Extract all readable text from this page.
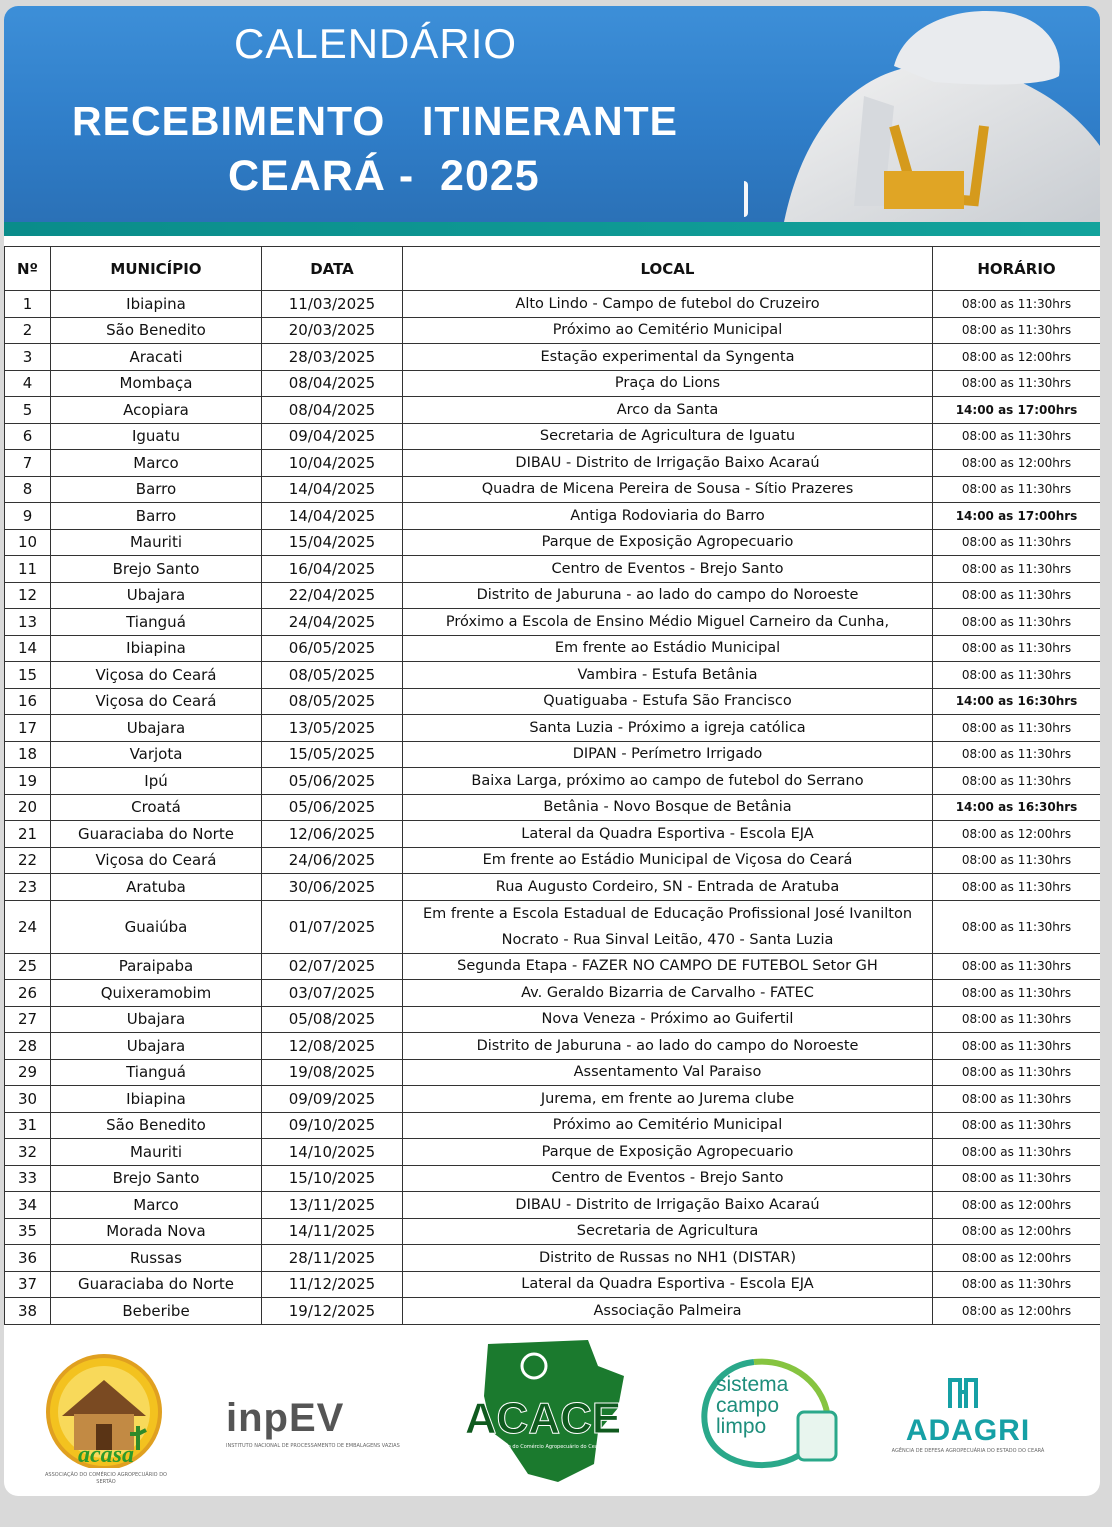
CALENDÁRIO
RECEBIMENTO  ITINERANTE
CEARÁ -  2025
Nº	MUNICÍPIO	DATA	LOCAL	HORÁRIO
1	Ibiapina	11/03/2025	Alto Lindo - Campo de futebol do Cruzeiro	08:00 as 11:30hrs
2	São Benedito	20/03/2025	Próximo ao Cemitério Municipal	08:00 as 11:30hrs
3	Aracati	28/03/2025	Estação experimental da Syngenta	08:00 as 12:00hrs
4	Mombaça	08/04/2025	Praça do Lions	08:00 as 11:30hrs
5	Acopiara	08/04/2025	Arco da Santa	14:00 as 17:00hrs
6	Iguatu	09/04/2025	Secretaria de Agricultura de Iguatu	08:00 as 11:30hrs
7	Marco	10/04/2025	DIBAU - Distrito de Irrigação Baixo Acaraú	08:00 as 12:00hrs
8	Barro	14/04/2025	Quadra de Micena Pereira de Sousa - Sítio Prazeres	08:00 as 11:30hrs
9	Barro	14/04/2025	Antiga Rodoviaria do Barro	14:00 as 17:00hrs
10	Mauriti	15/04/2025	Parque de Exposição Agropecuario	08:00 as 11:30hrs
11	Brejo Santo	16/04/2025	Centro de Eventos - Brejo Santo	08:00 as 11:30hrs
12	Ubajara	22/04/2025	Distrito de Jaburuna - ao lado do campo do Noroeste	08:00 as 11:30hrs
13	Tianguá	24/04/2025	Próximo a Escola de Ensino Médio Miguel Carneiro da Cunha,	08:00 as 11:30hrs
14	Ibiapina	06/05/2025	Em frente ao Estádio Municipal	08:00 as 11:30hrs
15	Viçosa do Ceará	08/05/2025	Vambira - Estufa Betânia	08:00 as 11:30hrs
16	Viçosa do Ceará	08/05/2025	Quatiguaba - Estufa São Francisco	14:00 as 16:30hrs
17	Ubajara	13/05/2025	Santa Luzia - Próximo a igreja católica	08:00 as 11:30hrs
18	Varjota	15/05/2025	DIPAN - Perímetro Irrigado	08:00 as 11:30hrs
19	Ipú	05/06/2025	Baixa Larga, próximo ao campo de futebol do Serrano	08:00 as 11:30hrs
20	Croatá	05/06/2025	Betânia - Novo Bosque de Betânia	14:00 as 16:30hrs
21	Guaraciaba do Norte	12/06/2025	Lateral da Quadra Esportiva - Escola EJA	08:00 as 12:00hrs
22	Viçosa do Ceará	24/06/2025	Em frente ao Estádio Municipal de Viçosa do Ceará	08:00 as 11:30hrs
23	Aratuba	30/06/2025	Rua Augusto Cordeiro, SN - Entrada de Aratuba	08:00 as 11:30hrs
24	Guaiúba	01/07/2025	Em frente a Escola Estadual de Educação Profissional José Ivanilton Nocrato - Rua Sinval Leitão, 470 - Santa Luzia	08:00 as 11:30hrs
25	Paraipaba	02/07/2025	Segunda Etapa - FAZER NO CAMPO DE FUTEBOL Setor GH	08:00 as 11:30hrs
26	Quixeramobim	03/07/2025	Av. Geraldo Bizarria de Carvalho - FATEC	08:00 as 11:30hrs
27	Ubajara	05/08/2025	Nova Veneza - Próximo ao Guifertil	08:00 as 11:30hrs
28	Ubajara	12/08/2025	Distrito de Jaburuna - ao lado do campo do Noroeste	08:00 as 11:30hrs
29	Tianguá	19/08/2025	Assentamento Val Paraiso	08:00 as 11:30hrs
30	Ibiapina	09/09/2025	Jurema, em frente ao Jurema clube	08:00 as 11:30hrs
31	São Benedito	09/10/2025	Próximo ao Cemitério Municipal	08:00 as 11:30hrs
32	Mauriti	14/10/2025	Parque de Exposição Agropecuario	08:00 as 11:30hrs
33	Brejo Santo	15/10/2025	Centro de Eventos - Brejo Santo	08:00 as 11:30hrs
34	Marco	13/11/2025	DIBAU - Distrito de Irrigação Baixo Acaraú	08:00 as 12:00hrs
35	Morada Nova	14/11/2025	Secretaria de Agricultura	08:00 as 12:00hrs
36	Russas	28/11/2025	Distrito de Russas no NH1 (DISTAR)	08:00 as 12:00hrs
37	Guaraciaba do Norte	11/12/2025	Lateral da Quadra Esportiva - Escola EJA	08:00 as 11:30hrs
38	Beberibe	19/12/2025	Associação Palmeira	08:00 as 12:00hrs
acasa
ASSOCIAÇÃO DO COMÉRCIO AGROPECUÁRIO DO SERTÃO
inpEV
INSTITUTO NACIONAL DE PROCESSAMENTO DE EMBALAGENS VAZIAS
ACACE
Associação do Comércio Agropecuário do Ceará
sistema
campo
limpo	ADAGRI
AGÊNCIA DE DEFESA AGROPECUÁRIA DO ESTADO DO CEARÁ
